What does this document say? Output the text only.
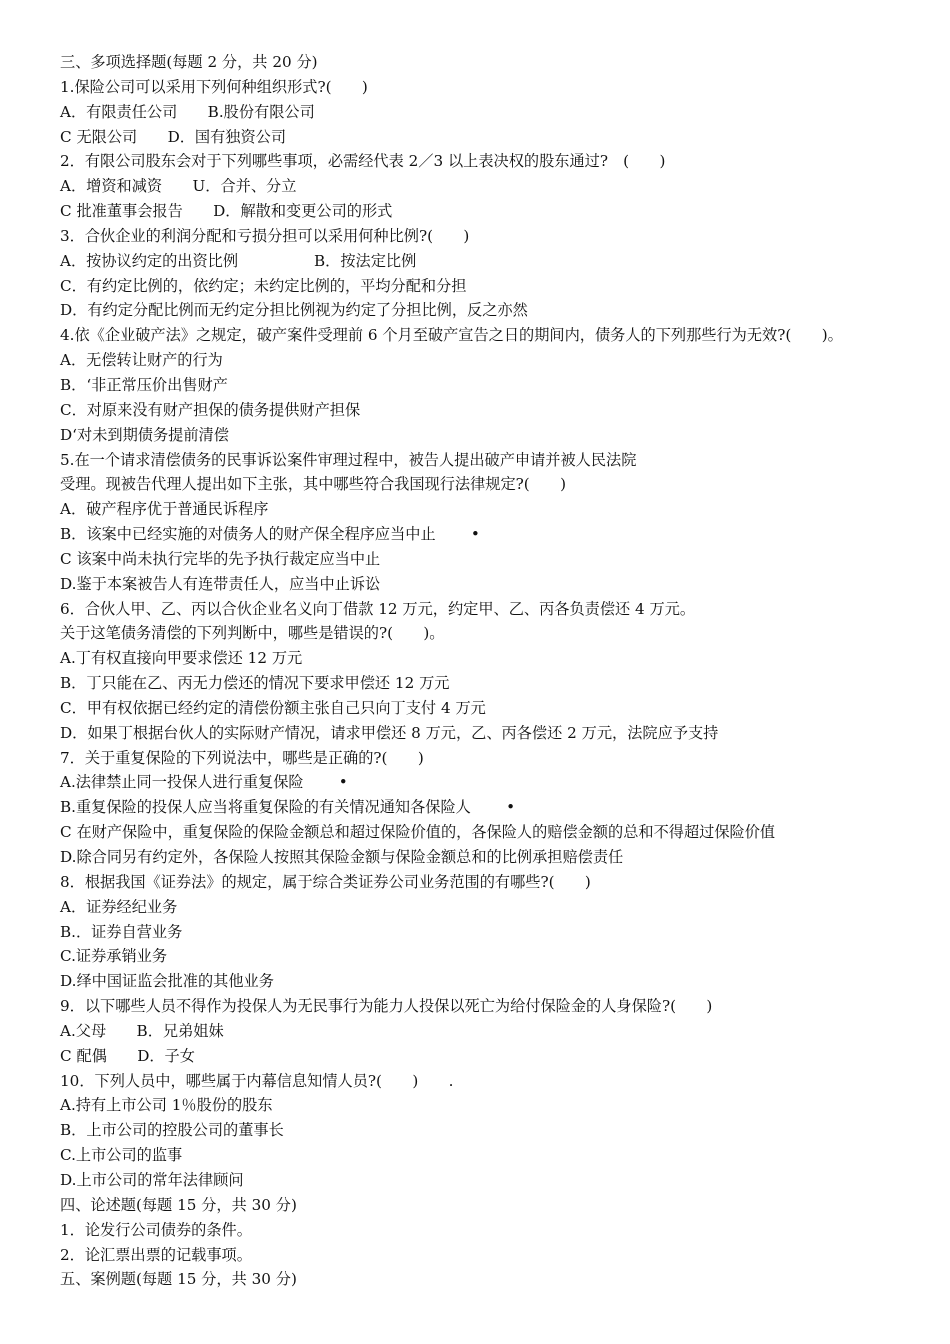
三、多项选择题(每题 2 分，共 20 分)
1.保险公司可以采用下列何种组织形式?(　　)
A．有限责任公司　　B.股份有限公司
C 无限公司　　D．国有独资公司
2．有限公司股东会对于下列哪些事项，必需经代表 2／3 以上表决权的股东通过?　(　　)
A．增资和减资　　U．合并、分立
C 批准董事会报告　　D．解散和变更公司的形式
3．合伙企业的利润分配和亏损分担可以采用何种比例?(　　)
A．按协议约定的出资比例　　　　　B．按法定比例
C．有约定比例的，依约定；未约定比例的，平均分配和分担
D．有约定分配比例而无约定分担比例视为约定了分担比例，反之亦然
4.依《企业破产法》之规定，破产案件受理前 6 个月至破产宣告之日的期间内，债务人的下列那些行为无效?(　　)。
A．无偿转让财产的行为
B．‘非正常压价出售财产
C．对原来没有财产担保的债务提供财产担保
D‘对未到期债务提前清偿
5.在一个请求清偿债务的民事诉讼案件审理过程中，被告人提出破产申请并被人民法院
受理。现被告代理人提出如下主张，其中哪些符合我国现行法律规定?(　　)
A．破产程序优于普通民诉程序
B．该案中已经实施的对债务人的财产保全程序应当中止　　 •
C 该案中尚未执行完毕的先予执行裁定应当中止
D.鉴于本案被告人有连带责任人，应当中止诉讼
6．合伙人甲、乙、丙以合伙企业名义向丁借款 12 万元，约定甲、乙、丙各负责偿还 4 万元。
关于这笔债务清偿的下列判断中，哪些是错误的?(　　)。
A.丁有权直接向甲要求偿还 12 万元
B．丁只能在乙、丙无力偿还的情况下要求甲偿还 12 万元
C．甲有权依据已经约定的清偿份额主张自己只向丁支付 4 万元
D．如果丁根据台伙人的实际财产情况，请求甲偿还 8 万元，乙、丙各偿还 2 万元，法院应予支持
7．关于重复保险的下列说法中，哪些是正确的?(　　)
A.法律禁止同一投保人进行重复保险　　 •
B.重复保险的投保人应当将重复保险的有关情况通知各保险人　　 •
C 在财产保险中，重复保险的保险金额总和超过保险价值的，各保险人的赔偿金额的总和不得超过保险价值
D.除合同另有约定外，各保险人按照其保险金额与保险金额总和的比例承担赔偿责任
8．根据我国《证券法》的规定，属于综合类证券公司业务范围的有哪些?(　　)
A．证券经纪业务
B.．证券自营业务
C.证券承销业务
D.绎中国证监会批准的其他业务
9．以下哪些人员不得作为投保人为无民事行为能力人投保以死亡为给付保险金的人身保险?(　　)
A.父母　　B．兄弟姐妹
C 配偶　　D．子女
10．下列人员中，哪些属于内幕信息知情人员?(　　)　　.
A.持有上市公司 1％股份的股东
B．上市公司的控股公司的董事长
C.上市公司的监事
D.上市公司的常年法律顾问
四、论述题(每题 15 分，共 30 分)
1．论发行公司债券的条件。
2．论汇票出票的记载事项。
五、案例题(每题 15 分，共 30 分)
